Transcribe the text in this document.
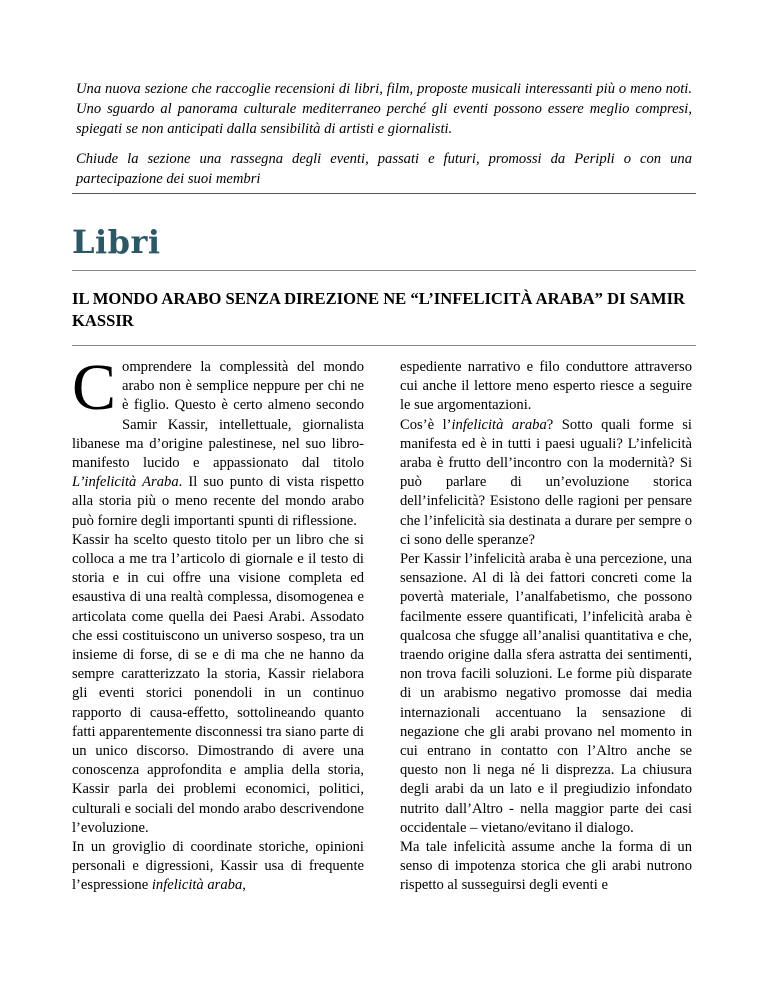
Una nuova sezione che raccoglie recensioni di libri, film, proposte musicali interessanti più o meno noti. Uno sguardo al panorama culturale mediterraneo perché gli eventi possono essere meglio compresi, spiegati se non anticipati dalla sensibilità di artisti e giornalisti.

Chiude la sezione una rassegna degli eventi, passati e futuri, promossi da Peripli o con una partecipazione dei suoi membri

Libri
IL MONDO ARABO SENZA DIREZIONE NE “L’INFELICITÀ ARABA” DI SAMIR KASSIR

Comprendere la complessità del mondo arabo non è semplice neppure per chi ne è figlio. Questo è certo almeno secondo Samir Kassir, intellettuale, giornalista libanese ma d’origine palestinese, nel suo libro-manifesto lucido e appassionato dal titolo L’infelicità Araba. Il suo punto di vista rispetto alla storia più o meno recente del mondo arabo può fornire degli importanti spunti di riflessione.

Kassir ha scelto questo titolo per un libro che si colloca a me tra l’articolo di giornale e il testo di storia e in cui offre una visione completa ed esaustiva di una realtà complessa, disomogenea e articolata come quella dei Paesi Arabi. Assodato che essi costituiscono un universo sospeso, tra un insieme di forse, di se e di ma che ne hanno da sempre caratterizzato la storia, Kassir rielabora gli eventi storici ponendoli in un continuo rapporto di causa-effetto, sottolineando quanto fatti apparentemente disconnessi tra siano parte di un unico discorso. Dimostrando di avere una conoscenza approfondita e amplia della storia, Kassir parla dei problemi economici, politici, culturali e sociali del mondo arabo descrivendone l’evoluzione.

In un groviglio di coordinate storiche, opinioni personali e digressioni, Kassir usa di frequente l’espressione infelicità araba,

espediente narrativo e filo conduttore attraverso cui anche il lettore meno esperto riesce a seguire le sue argomentazioni.

Cos’è l’infelicità araba? Sotto quali forme si manifesta ed è in tutti i paesi uguali? L’infelicità araba è frutto dell’incontro con la modernità? Si può parlare di un’evoluzione storica dell’infelicità? Esistono delle ragioni per pensare che l’infelicità sia destinata a durare per sempre o ci sono delle speranze?

Per Kassir l’infelicità araba è una percezione, una sensazione. Al di là dei fattori concreti come la povertà materiale, l’analfabetismo, che possono facilmente essere quantificati, l’infelicità araba è qualcosa che sfugge all’analisi quantitativa e che, traendo origine dalla sfera astratta dei sentimenti, non trova facili soluzioni. Le forme più disparate di un arabismo negativo promosse dai media internazionali accentuano la sensazione di negazione che gli arabi provano nel momento in cui entrano in contatto con l’Altro anche se questo non li nega né li disprezza. La chiusura degli arabi da un lato e il pregiudizio infondato nutrito dall’Altro - nella maggior parte dei casi occidentale – vietano/evitano il dialogo.

Ma tale infelicità assume anche la forma di un senso di impotenza storica che gli arabi nutrono rispetto al susseguirsi degli eventi e
